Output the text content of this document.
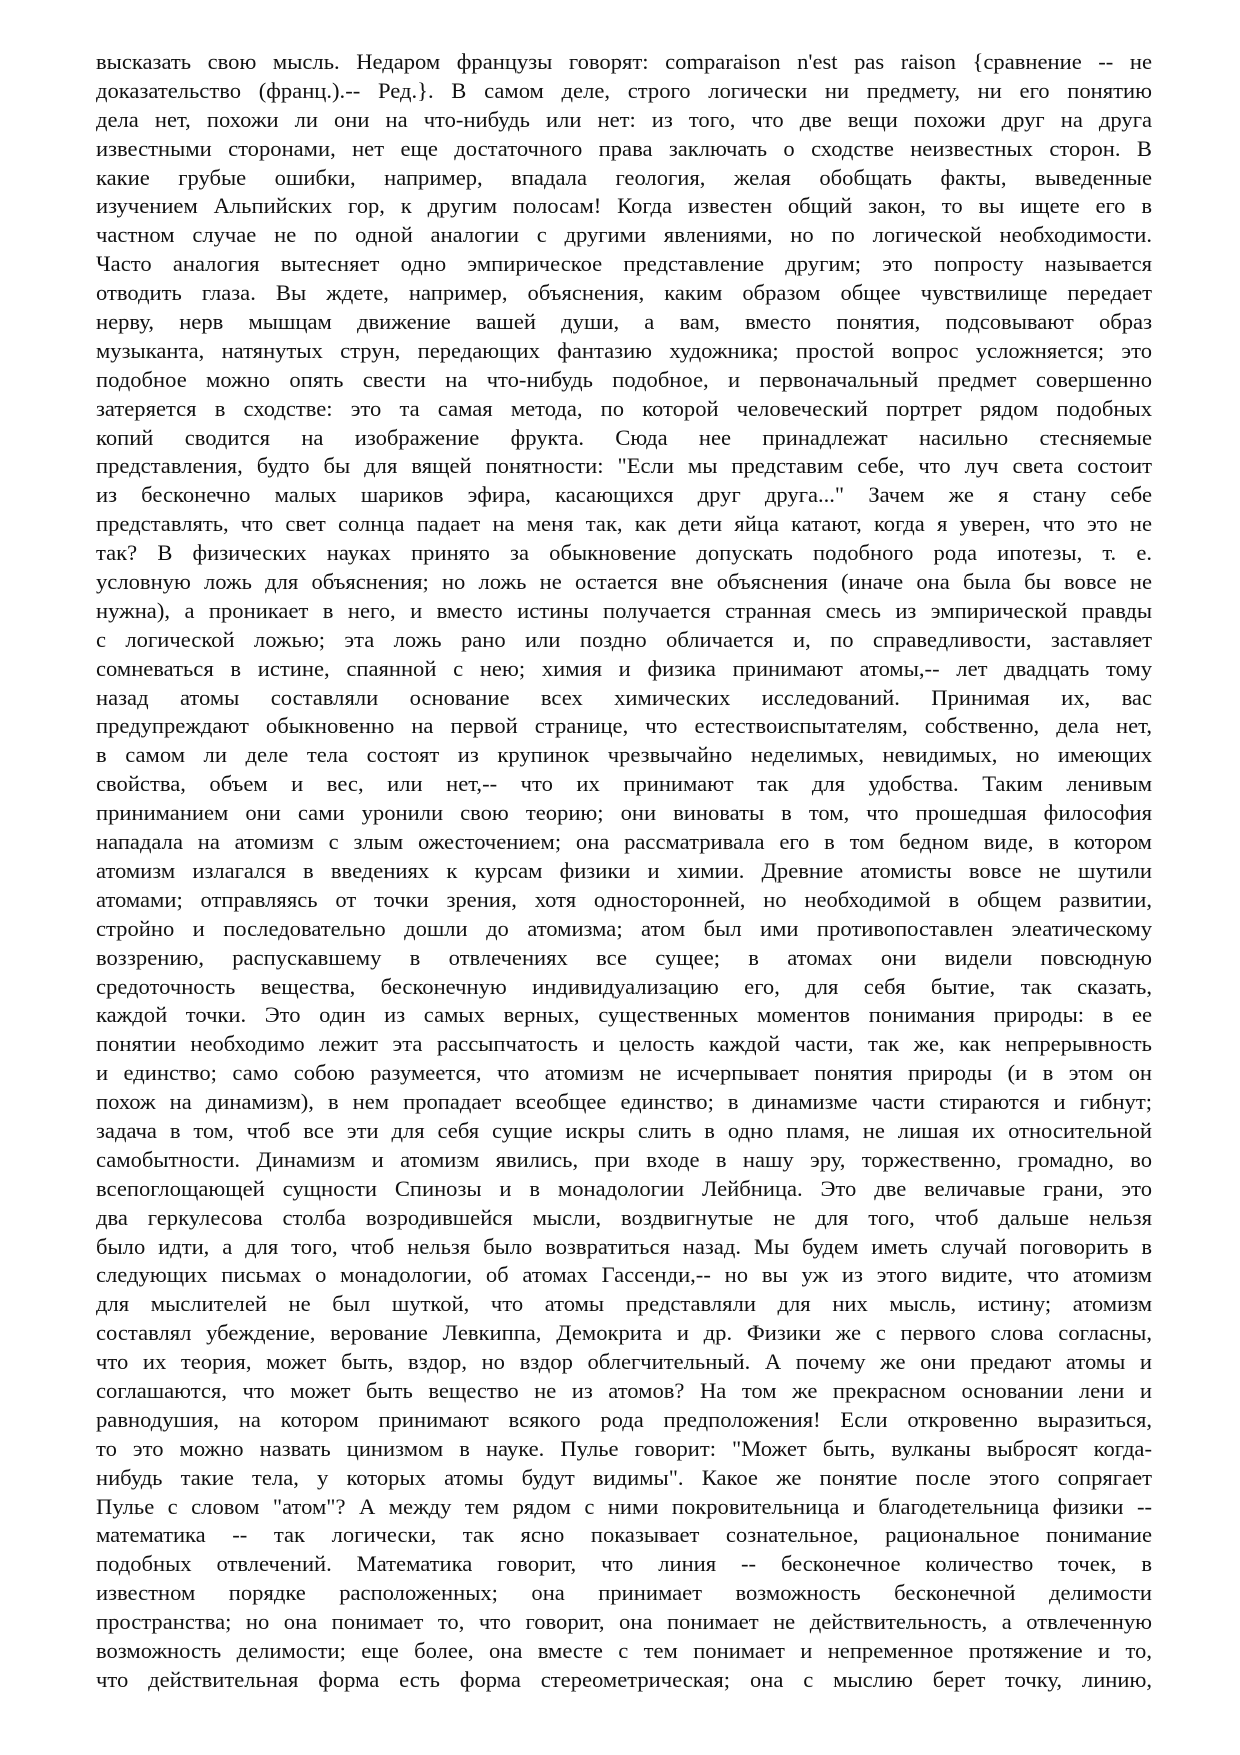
высказать свою мысль. Недаром французы говорят: comparaison n'est pas raison {сравнение -- не
доказательство (франц.).-- Ред.}. В самом деле, строго логически ни предмету, ни его понятию
дела нет, похожи ли они на что-нибудь или нет: из того, что две вещи похожи друг на друга
известными сторонами, нет еще достаточного права заключать о сходстве неизвестных сторон. В
какие грубые ошибки, например, впадала геология, желая обобщать факты, выведенные
изучением Альпийских гор, к другим полосам! Когда известен общий закон, то вы ищете его в
частном случае не по одной аналогии с другими явлениями, но по логической необходимости.
Часто аналогия вытесняет одно эмпирическое представление другим; это попросту называется
отводить глаза. Вы ждете, например, объяснения, каким образом общее чувствилище передает
нерву, нерв мышцам движение вашей души, а вам, вместо понятия, подсовывают образ
музыканта, натянутых струн, передающих фантазию художника; простой вопрос усложняется; это
подобное можно опять свести на что-нибудь подобное, и первоначальный предмет совершенно
затеряется в сходстве: это та самая метода, по которой человеческий портрет рядом подобных
копий сводится на изображение фрукта. Сюда нее принадлежат насильно стесняемые
представления, будто бы для вящей понятности: "Если мы представим себе, что луч света состоит
из бесконечно малых шариков эфира, касающихся друг друга..." Зачем же я стану себе
представлять, что свет солнца падает на меня так, как дети яйца катают, когда я уверен, что это не
так? В физических науках принято за обыкновение допускать подобного рода ипотезы, т. е.
условную ложь для объяснения; но ложь не остается вне объяснения (иначе она была бы вовсе не
нужна), а проникает в него, и вместо истины получается странная смесь из эмпирической правды
с логической ложью; эта ложь рано или поздно обличается и, по справедливости, заставляет
сомневаться в истине, спаянной с нею; химия и физика принимают атомы,-- лет двадцать тому
назад атомы составляли основание всех химических исследований. Принимая их, вас
предупреждают обыкновенно на первой странице, что естествоиспытателям, собственно, дела нет,
в самом ли деле тела состоят из крупинок чрезвычайно неделимых, невидимых, но имеющих
свойства, объем и вес, или нет,-- что их принимают так для удобства. Таким ленивым
приниманием они сами уронили свою теорию; они виноваты в том, что прошедшая философия
нападала на атомизм с злым ожесточением; она рассматривала его в том бедном виде, в котором
атомизм излагался в введениях к курсам физики и химии. Древние атомисты вовсе не шутили
атомами; отправляясь от точки зрения, хотя односторонней, но необходимой в общем развитии,
стройно и последовательно дошли до атомизма; атом был ими противопоставлен элеатическому
воззрению, распускавшему в отвлечениях все сущее; в атомах они видели повсюдную
средоточность вещества, бесконечную индивидуализацию его, для себя бытие, так сказать,
каждой точки. Это один из самых верных, существенных моментов понимания природы: в ее
понятии необходимо лежит эта рассыпчатость и целость каждой части, так же, как непрерывность
и единство; само собою разумеется, что атомизм не исчерпывает понятия природы (и в этом он
похож на динамизм), в нем пропадает всеобщее единство; в динамизме части стираются и гибнут;
задача в том, чтоб все эти для себя сущие искры слить в одно пламя, не лишая их относительной
самобытности. Динамизм и атомизм явились, при входе в нашу эру, торжественно, громадно, во
всепоглощающей сущности Спинозы и в монадологии Лейбница. Это две величавые грани, это
два геркулесова столба возродившейся мысли, воздвигнутые не для того, чтоб дальше нельзя
было идти, а для того, чтоб нельзя было возвратиться назад. Мы будем иметь случай поговорить в
следующих письмах о монадологии, об атомах Гассенди,-- но вы уж из этого видите, что атомизм
для мыслителей не был шуткой, что атомы представляли для них мысль, истину; атомизм
составлял убеждение, верование Левкиппа, Демокрита и др. Физики же с первого слова согласны,
что их теория, может быть, вздор, но вздор облегчительный. А почему же они предают атомы и
соглашаются, что может быть вещество не из атомов? На том же прекрасном основании лени и
равнодушия, на котором принимают всякого рода предположения! Если откровенно выразиться,
то это можно назвать цинизмом в науке. Пулье говорит: "Может быть, вулканы выбросят когда-
нибудь такие тела, у которых атомы будут видимы". Какое же понятие после этого сопрягает
Пулье с словом "атом"? А между тем рядом с ними покровительница и благодетельница физики --
математика -- так логически, так ясно показывает сознательное, рациональное понимание
подобных отвлечений. Математика говорит, что линия -- бесконечное количество точек, в
известном порядке расположенных; она принимает возможность бесконечной делимости
пространства; но она понимает то, что говорит, она понимает не действительность, а отвлеченную
возможность делимости; еще более, она вместе с тем понимает и непременное протяжение и то,
что действительная форма есть форма стереометрическая; она с мыслию берет точку, линию,
